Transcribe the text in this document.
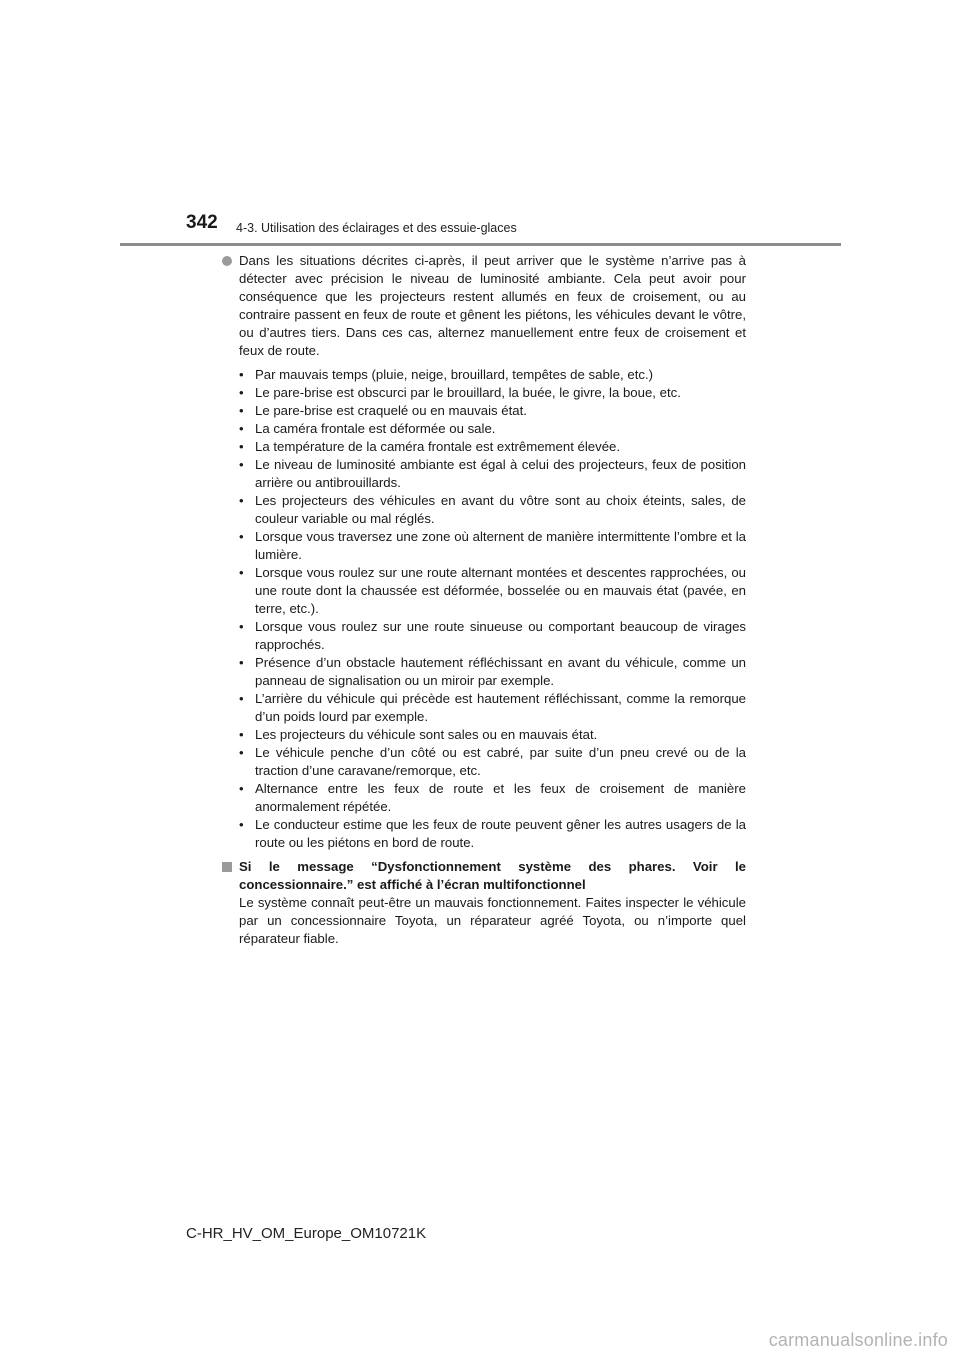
342 4-3. Utilisation des éclairages et des essuie-glaces

Dans les situations décrites ci-après, il peut arriver que le système n’arrive pas à détecter avec précision le niveau de luminosité ambiante. Cela peut avoir pour conséquence que les projecteurs restent allumés en feux de croisement, ou au contraire passent en feux de route et gênent les piétons, les véhicules devant le vôtre, ou d’autres tiers. Dans ces cas, alternez manuellement entre feux de croisement et feux de route.

• Par mauvais temps (pluie, neige, brouillard, tempêtes de sable, etc.)
• Le pare-brise est obscurci par le brouillard, la buée, le givre, la boue, etc.
• Le pare-brise est craquelé ou en mauvais état.
• La caméra frontale est déformée ou sale.
• La température de la caméra frontale est extrêmement élevée.
• Le niveau de luminosité ambiante est égal à celui des projecteurs, feux de position arrière ou antibrouillards.
• Les projecteurs des véhicules en avant du vôtre sont au choix éteints, sales, de couleur variable ou mal réglés.
• Lorsque vous traversez une zone où alternent de manière intermittente l’ombre et la lumière.
• Lorsque vous roulez sur une route alternant montées et descentes rapprochées, ou une route dont la chaussée est déformée, bosselée ou en mauvais état (pavée, en terre, etc.).
• Lorsque vous roulez sur une route sinueuse ou comportant beaucoup de virages rapprochés.
• Présence d’un obstacle hautement réfléchissant en avant du véhicule, comme un panneau de signalisation ou un miroir par exemple.
• L’arrière du véhicule qui précède est hautement réfléchissant, comme la remorque d’un poids lourd par exemple.
• Les projecteurs du véhicule sont sales ou en mauvais état.
• Le véhicule penche d’un côté ou est cabré, par suite d’un pneu crevé ou de la traction d’une caravane/remorque, etc.
• Alternance entre les feux de route et les feux de croisement de manière anormalement répétée.
• Le conducteur estime que les feux de route peuvent gêner les autres usagers de la route ou les piétons en bord de route.

Si le message “Dysfonctionnement système des phares. Voir le concessionnaire.” est affiché à l’écran multifonctionnel

Le système connaît peut-être un mauvais fonctionnement. Faites inspecter le véhicule par un concessionnaire Toyota, un réparateur agréé Toyota, ou n’importe quel réparateur fiable.

C-HR_HV_OM_Europe_OM10721K
carmanualsonline.info
